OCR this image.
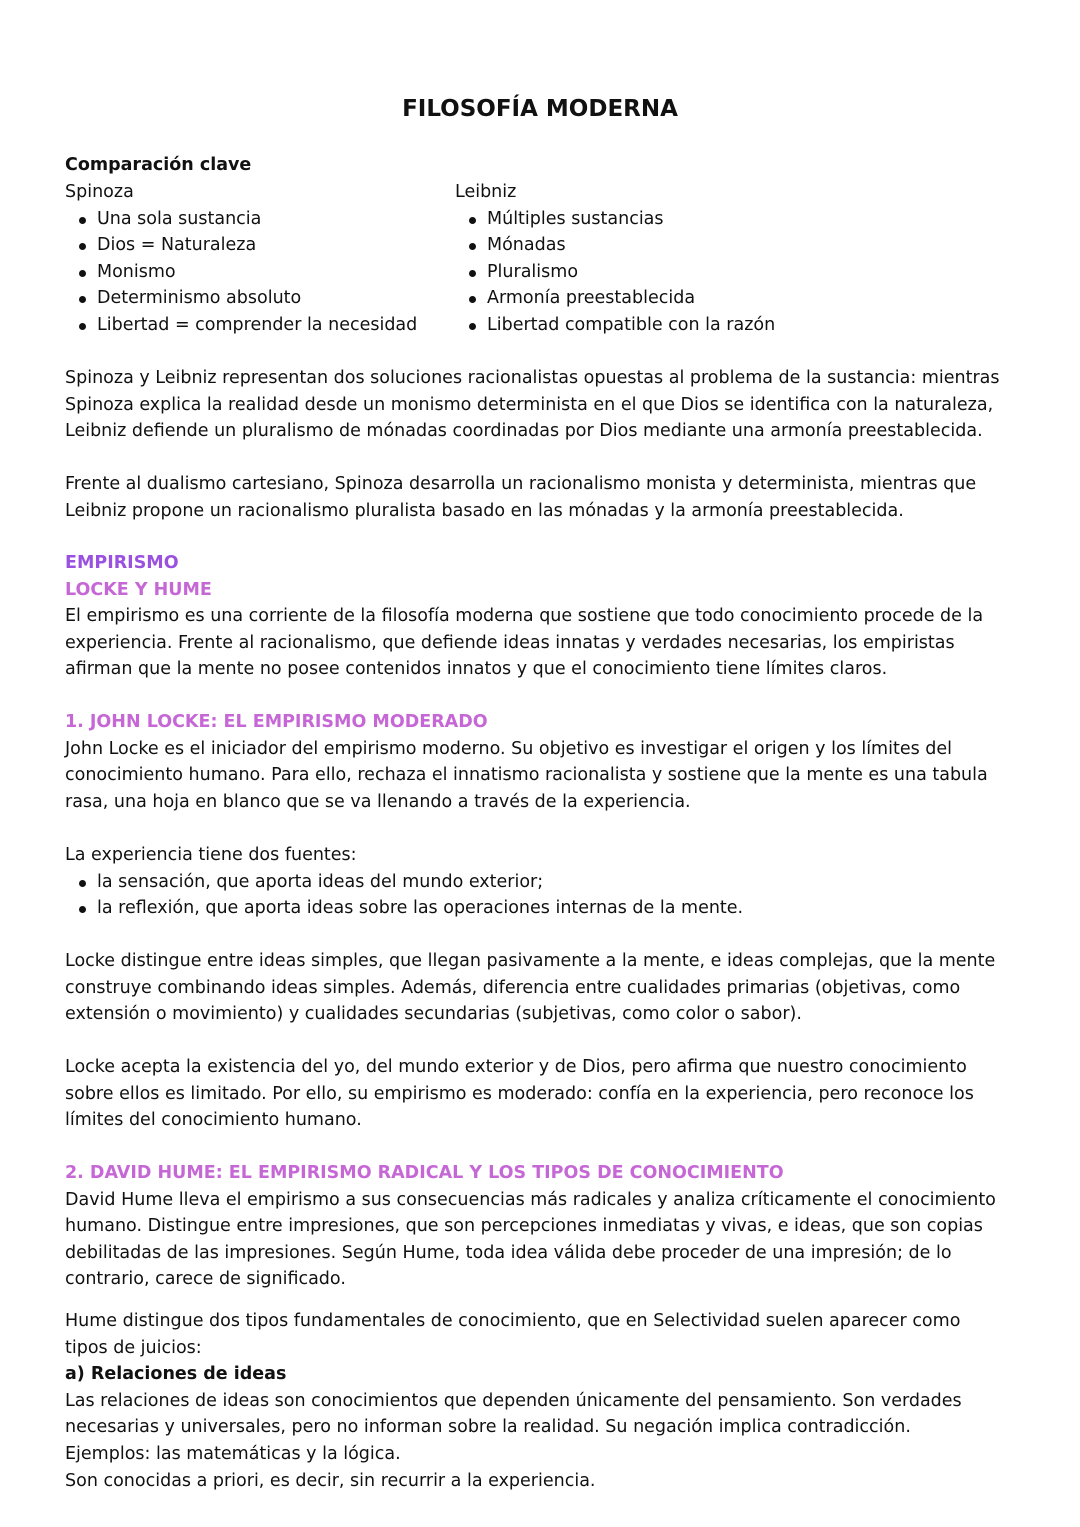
FILOSOFÍA MODERNA
Comparación clave
Spinoza
Una sola sustancia
Dios = Naturaleza
Monismo
Determinismo absoluto
Libertad = comprender la necesidad
Leibniz
Múltiples sustancias
Mónadas
Pluralismo
Armonía preestablecida
Libertad compatible con la razón
Spinoza y Leibniz representan dos soluciones racionalistas opuestas al problema de la sustancia: mientras
Spinoza explica la realidad desde un monismo determinista en el que Dios se identifica con la naturaleza,
Leibniz defiende un pluralismo de mónadas coordinadas por Dios mediante una armonía preestablecida.
Frente al dualismo cartesiano, Spinoza desarrolla un racionalismo monista y determinista, mientras que
Leibniz propone un racionalismo pluralista basado en las mónadas y la armonía preestablecida.
EMPIRISMO
LOCKE Y HUME
El empirismo es una corriente de la filosofía moderna que sostiene que todo conocimiento procede de la
experiencia. Frente al racionalismo, que defiende ideas innatas y verdades necesarias, los empiristas
afirman que la mente no posee contenidos innatos y que el conocimiento tiene límites claros.
1. JOHN LOCKE: EL EMPIRISMO MODERADO
John Locke es el iniciador del empirismo moderno. Su objetivo es investigar el origen y los límites del
conocimiento humano. Para ello, rechaza el innatismo racionalista y sostiene que la mente es una tabula
rasa, una hoja en blanco que se va llenando a través de la experiencia.
La experiencia tiene dos fuentes:
la sensación, que aporta ideas del mundo exterior;
la reflexión, que aporta ideas sobre las operaciones internas de la mente.
Locke distingue entre ideas simples, que llegan pasivamente a la mente, e ideas complejas, que la mente
construye combinando ideas simples. Además, diferencia entre cualidades primarias (objetivas, como
extensión o movimiento) y cualidades secundarias (subjetivas, como color o sabor).
Locke acepta la existencia del yo, del mundo exterior y de Dios, pero afirma que nuestro conocimiento
sobre ellos es limitado. Por ello, su empirismo es moderado: confía en la experiencia, pero reconoce los
límites del conocimiento humano.
2. DAVID HUME: EL EMPIRISMO RADICAL Y LOS TIPOS DE CONOCIMIENTO
David Hume lleva el empirismo a sus consecuencias más radicales y analiza críticamente el conocimiento
humano. Distingue entre impresiones, que son percepciones inmediatas y vivas, e ideas, que son copias
debilitadas de las impresiones. Según Hume, toda idea válida debe proceder de una impresión; de lo
contrario, carece de significado.
Hume distingue dos tipos fundamentales de conocimiento, que en Selectividad suelen aparecer como
tipos de juicios:
a) Relaciones de ideas
Las relaciones de ideas son conocimientos que dependen únicamente del pensamiento. Son verdades
necesarias y universales, pero no informan sobre la realidad. Su negación implica contradicción.
Ejemplos: las matemáticas y la lógica.
Son conocidas a priori, es decir, sin recurrir a la experiencia.
